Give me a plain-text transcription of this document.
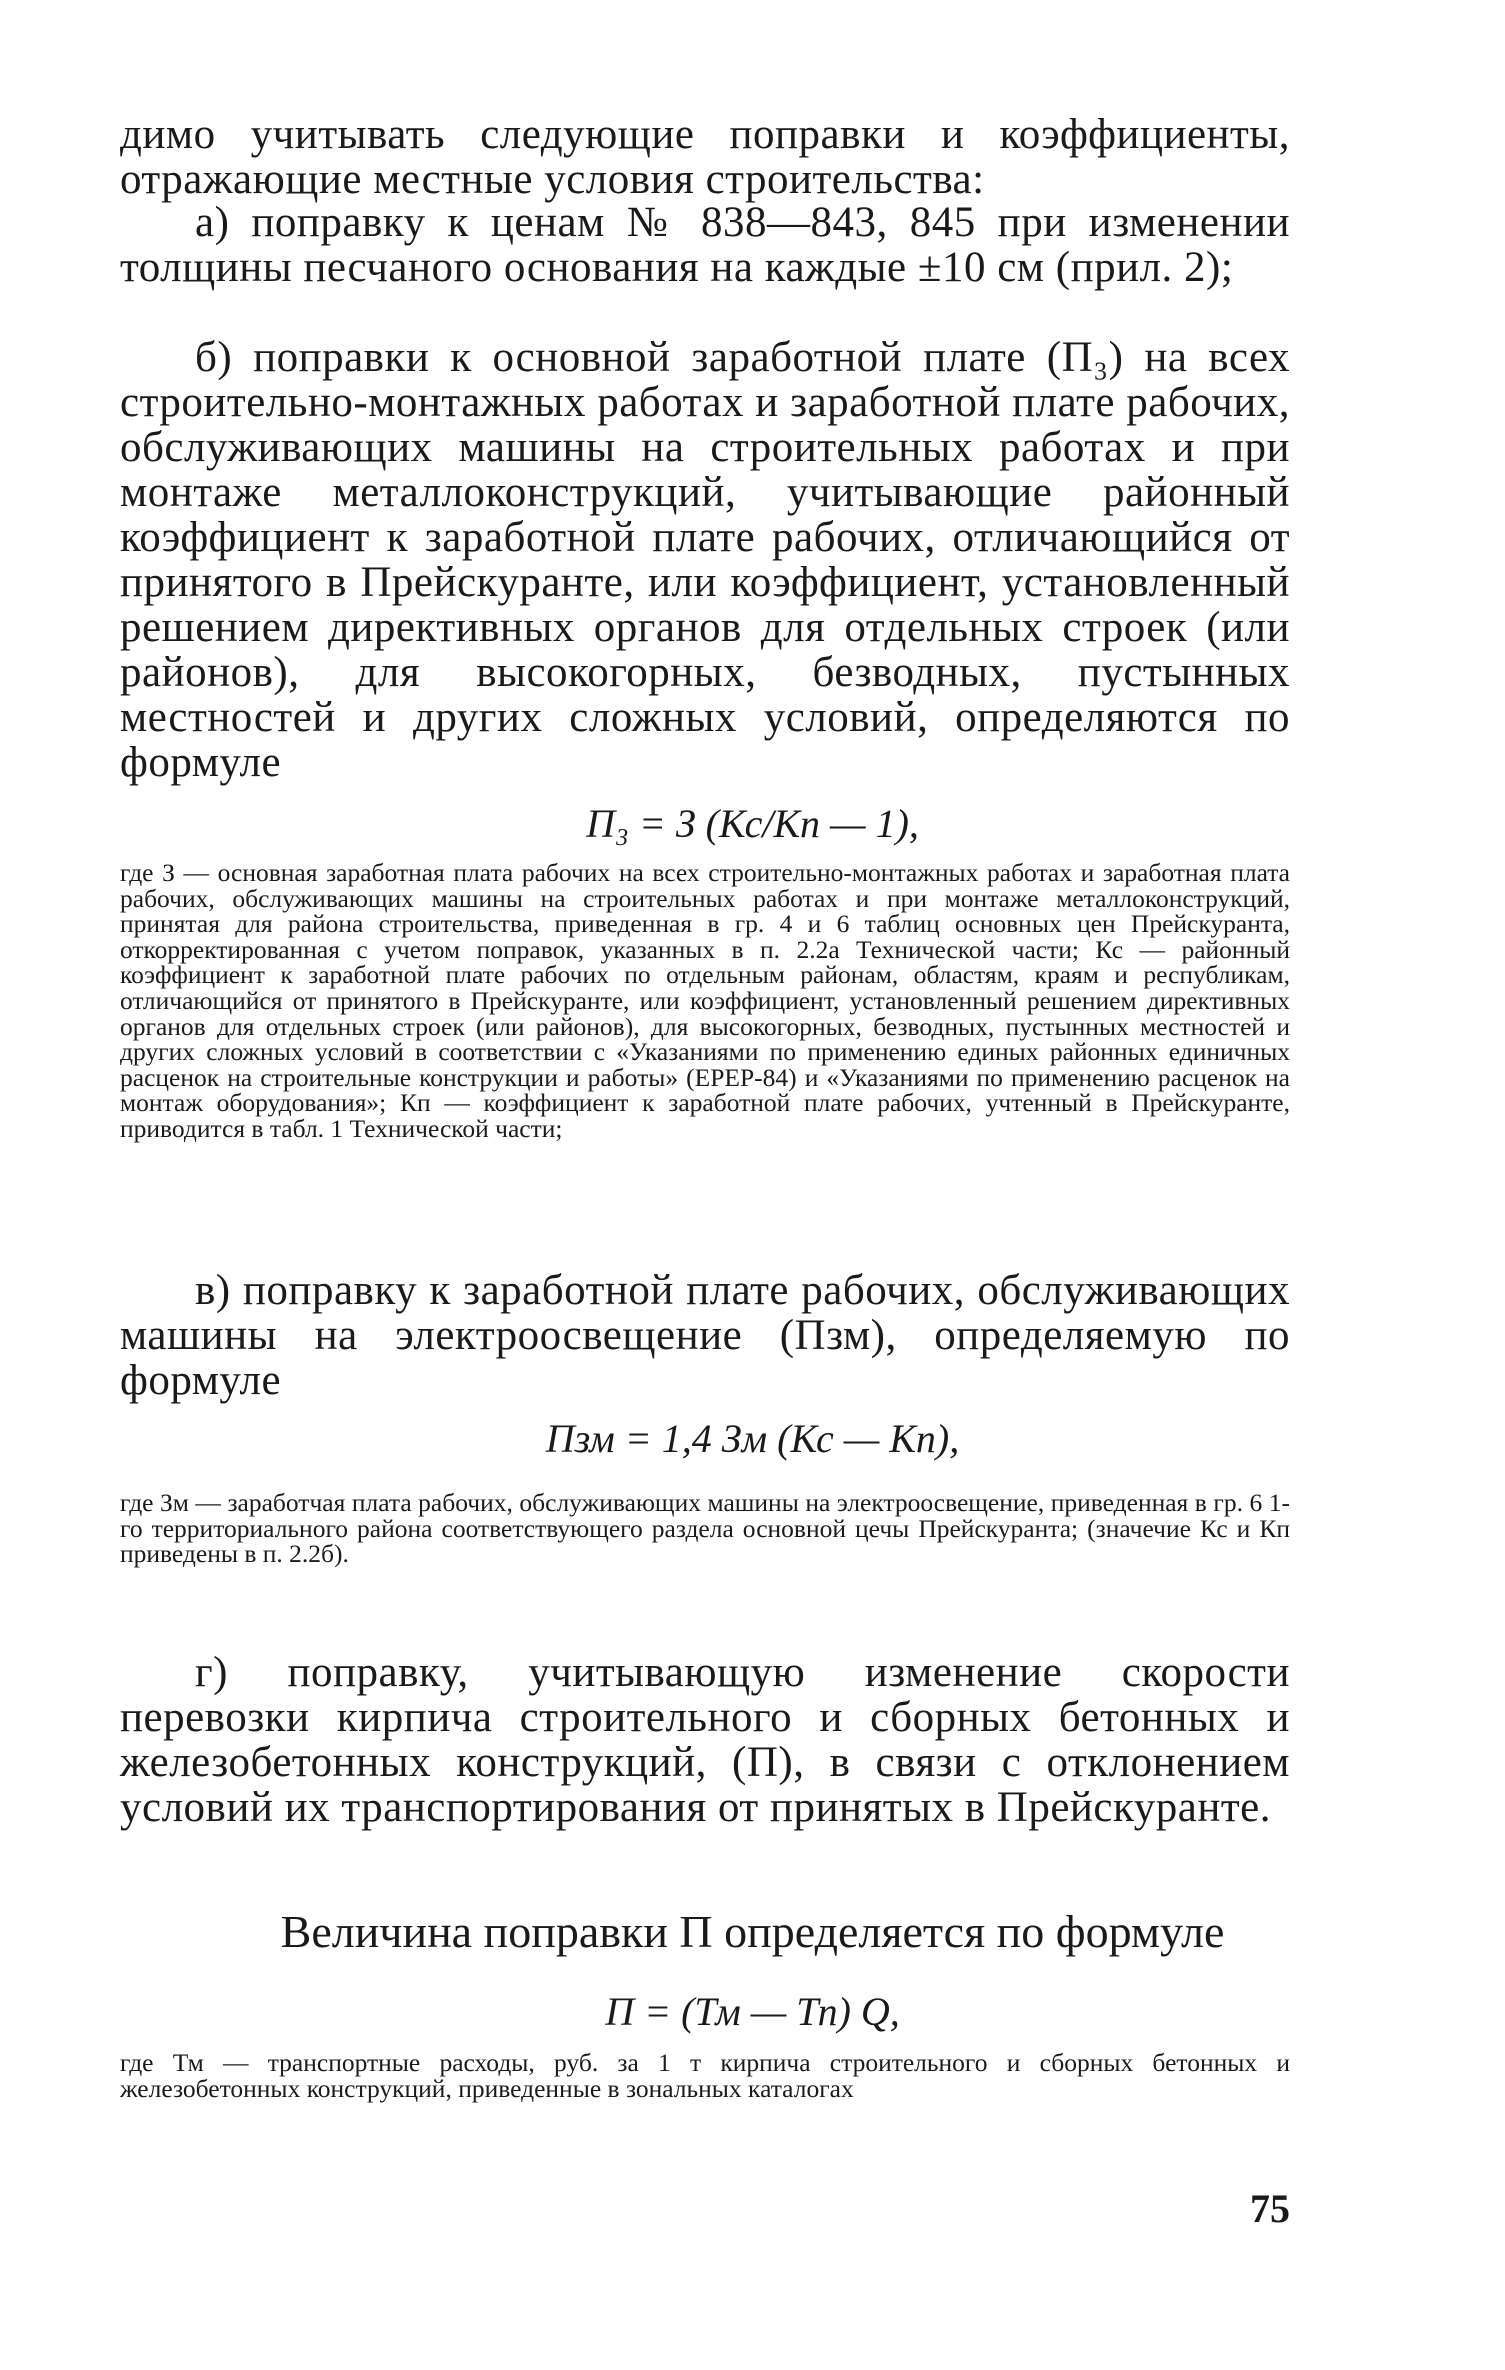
димо учитывать следующие поправки и коэффициенты, отражающие местные условия строительства:

а) поправку к ценам № 838—843, 845 при изменении толщины песчаного основания на каждые ±10 см (прил. 2);

б) поправки к основной заработной плате (П₃) на всех строительно-монтажных работах и заработной плате рабочих, обслуживающих машины на строительных работах и при монтаже металлоконструкций, учитывающие районный коэффициент к заработной плате рабочих, отличающийся от принятого в Прейскуранте, или коэффициент, установленный решением директивных органов для отдельных строек (или районов), для высокогорных, безводных, пустынных местностей и других сложных условий, определяются по формуле

П₃ = З (Кс/Кп — 1),

где З — основная заработная плата рабочих на всех строительно-монтажных работах и заработная плата рабочих, обслуживающих машины на строительных работах и при монтаже металлоконструкций, принятая для района строительства, приведенная в гр. 4 и 6 таблиц основных цен Прейскуранта, откорректированная с учетом поправок, указанных в п. 2.2а Технической части; Кс — районный коэффициент к заработной плате рабочих по отдельным районам, областям, краям и республикам, отличающийся от принятого в Прейскуранте, или коэффициент, установленный решением директивных органов для отдельных строек (или районов), для высокогорных, безводных, пустынных местностей и других сложных условий в соответствии с «Указаниями по применению единых районных единичных расценок на строительные конструкции и работы» (ЕРЕР-84) и «Указаниями по применению расценок на монтаж оборудования»; Кп — коэффициент к заработной плате рабочих, учтенный в Прейскуранте, приводится в табл. 1 Технической части;

в) поправку к заработной плате рабочих, обслуживающих машины на электроосвещение (Пзм), определяемую по формуле

Пзм = 1,4 Зм (Кс — Кп),

где Зм — заработчая плата рабочих, обслуживающих машины на электроосвещение, приведенная в гр. 6 1-го территориального района соответствующего раздела основной цечы Прейскуранта; (значечие Кс и Кп приведены в п. 2.2б).

г) поправку, учитывающую изменение скорости перевозки кирпича строительного и сборных бетонных и железобетонных конструкций, (П), в связи с отклонением условий их транспортирования от принятых в Прейскуранте.

Величина поправки П определяется по формуле

П = (Тм — Тп) Q,

где Тм — транспортные расходы, руб. за 1 т кирпича строительного и сборных бетонных и железобетонных конструкций, приведенные в зональных каталогах

75
